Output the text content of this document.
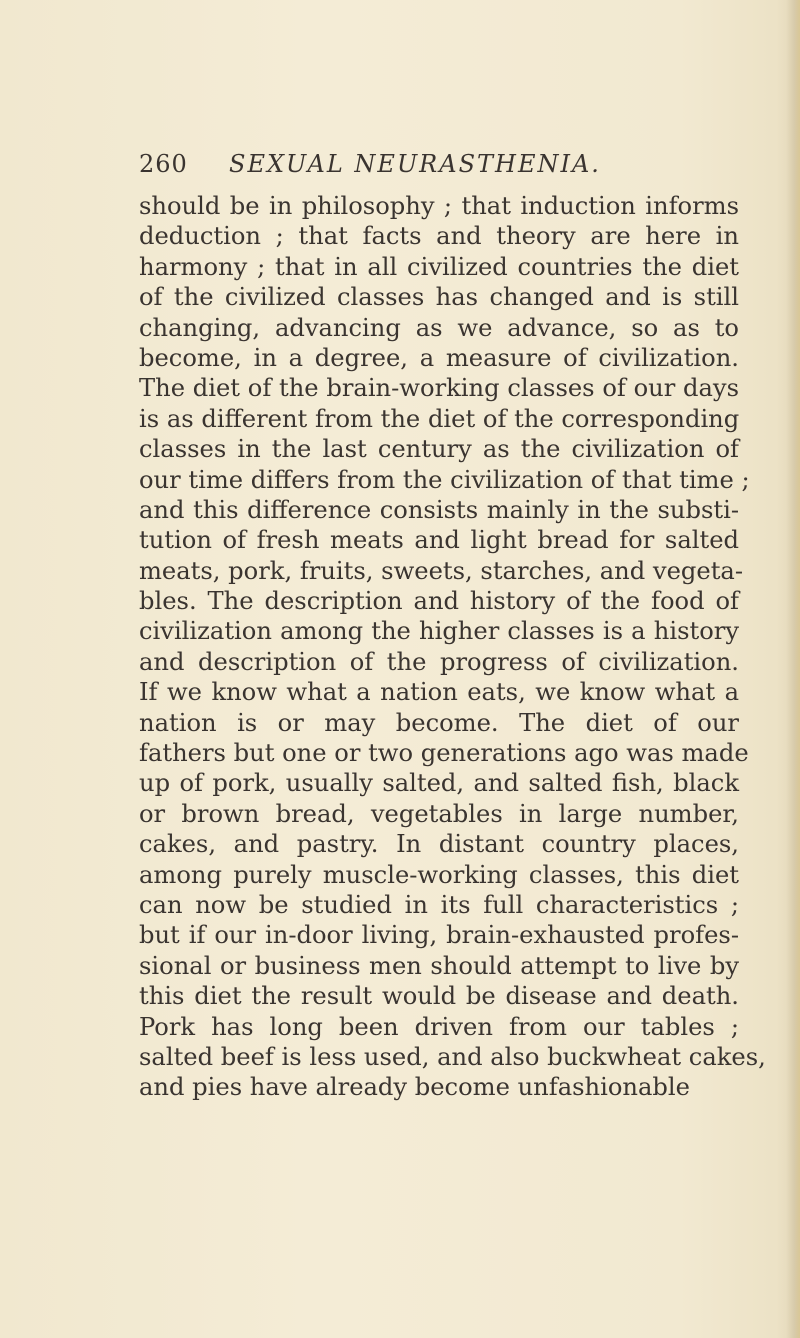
260 SEXUAL NEURASTHENIA.
should be in philosophy ; that induction informs
deduction ; that facts and theory are here in
harmony ; that in all civilized countries the diet
of the civilized classes has changed and is still
changing, advancing as we advance, so as to
become, in a degree, a measure of civilization.
The diet of the brain-working classes of our days
is as different from the diet of the corresponding
classes in the last century as the civilization of
our time differs from the civilization of that time ;
and this difference consists mainly in the substi-
tution of fresh meats and light bread for salted
meats, pork, fruits, sweets, starches, and vegeta-
bles. The description and history of the food of
civilization among the higher classes is a history
and description of the progress of civilization.
If we know what a nation eats, we know what a
nation is or may become. The diet of our
fathers but one or two generations ago was made
up of pork, usually salted, and salted fish, black
or brown bread, vegetables in large number,
cakes, and pastry. In distant country places,
among purely muscle-working classes, this diet
can now be studied in its full characteristics ;
but if our in-door living, brain-exhausted profes-
sional or business men should attempt to live by
this diet the result would be disease and death.
Pork has long been driven from our tables ;
salted beef is less used, and also buckwheat cakes,
and pies have already become unfashionable
